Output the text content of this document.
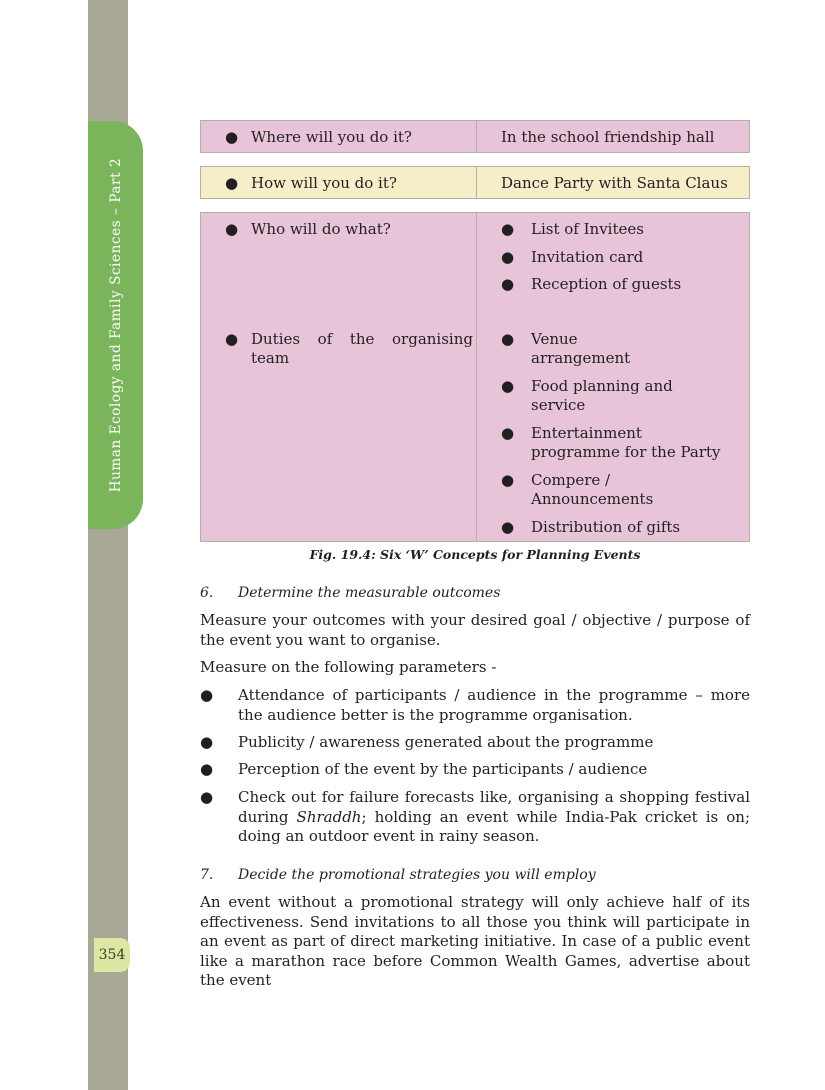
Human Ecology and Family Sciences – Part 2
354
● Where will you do it?	In the school friendship hall
● How will you do it?	Dance Party with Santa Claus
● Who will do what?
● Duties of the organising
team
● List of Invitees
● Invitation card
● Reception of guests
● Venue
arrangement
● Food planning and
service
● Entertainment
programme for the Party
● Compere /
Announcements
● Distribution of gifts
Fig. 19.4: Six ‘W’ Concepts for Planning Events
6. Determine the measurable outcomes
Measure your outcomes with your desired goal / objective / purpose of the event you want to organise.
Measure on the following parameters -
● Attendance of participants / audience in the programme – more the audience better is the programme organisation.
● Publicity / awareness generated about the programme
● Perception of the event by the participants / audience
● Check out for failure forecasts like, organising a shopping festival during Shraddh; holding an event while India-Pak cricket is on; doing an outdoor event in rainy season.
7. Decide the promotional strategies you will employ
An event without a promotional strategy will only achieve half of its effectiveness. Send invitations to all those you think will participate in an event as part of direct marketing initiative. In case of a public event like a marathon race before Common Wealth Games, advertise about the event
